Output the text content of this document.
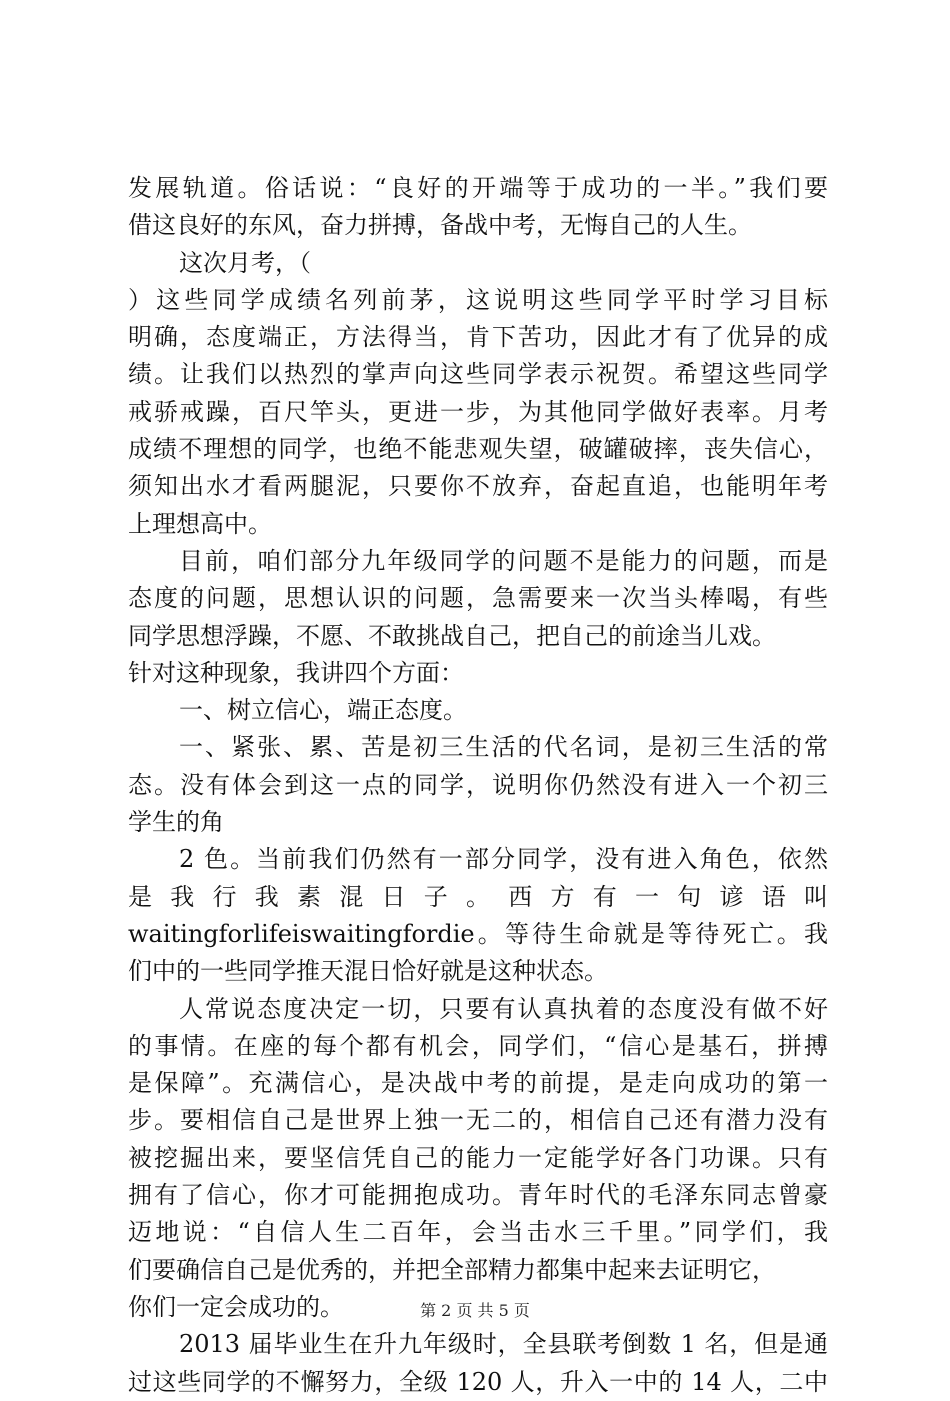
发展轨道。俗话说：“良好的开端等于成功的一半。”我们要
借这良好的东风，奋力拼搏，备战中考，无悔自己的人生。
这次月考，（
）这些同学成绩名列前茅，这说明这些同学平时学习目标
明确，态度端正，方法得当，肯下苦功，因此才有了优异的成
绩。让我们以热烈的掌声向这些同学表示祝贺。希望这些同学
戒骄戒躁，百尺竿头，更进一步，为其他同学做好表率。月考
成绩不理想的同学，也绝不能悲观失望，破罐破摔，丧失信心，
须知出水才看两腿泥，只要你不放弃，奋起直追，也能明年考
上理想高中。
目前，咱们部分九年级同学的问题不是能力的问题，而是
态度的问题，思想认识的问题，急需要来一次当头棒喝，有些
同学思想浮躁，不愿、不敢挑战自己，把自己的前途当儿戏。
针对这种现象，我讲四个方面：
一、树立信心，端正态度。
一、紧张、累、苦是初三生活的代名词，是初三生活的常
态。没有体会到这一点的同学，说明你仍然没有进入一个初三
学生的角
2 色。当前我们仍然有一部分同学，没有进入角色，依然
是 我 行 我 素 混 日 子 。 西 方 有 一 句 谚 语 叫
waitingforlifeiswaitingfordie。等待生命就是等待死亡。我
们中的一些同学推天混日恰好就是这种状态。
人常说态度决定一切，只要有认真执着的态度没有做不好
的事情。在座的每个都有机会，同学们，“信心是基石，拼搏
是保障”。充满信心，是决战中考的前提，是走向成功的第一
步。要相信自己是世界上独一无二的，相信自己还有潜力没有
被挖掘出来，要坚信凭自己的能力一定能学好各门功课。只有
拥有了信心，你才可能拥抱成功。青年时代的毛泽东同志曾豪
迈地说：“自信人生二百年，会当击水三千里。”同学们，我
们要确信自己是优秀的，并把全部精力都集中起来去证明它，
你们一定会成功的。
2013 届毕业生在升九年级时，全县联考倒数 1 名，但是通
过这些同学的不懈努力，全级 120 人，升入一中的 14 人，二中
第 2 页 共 5 页
